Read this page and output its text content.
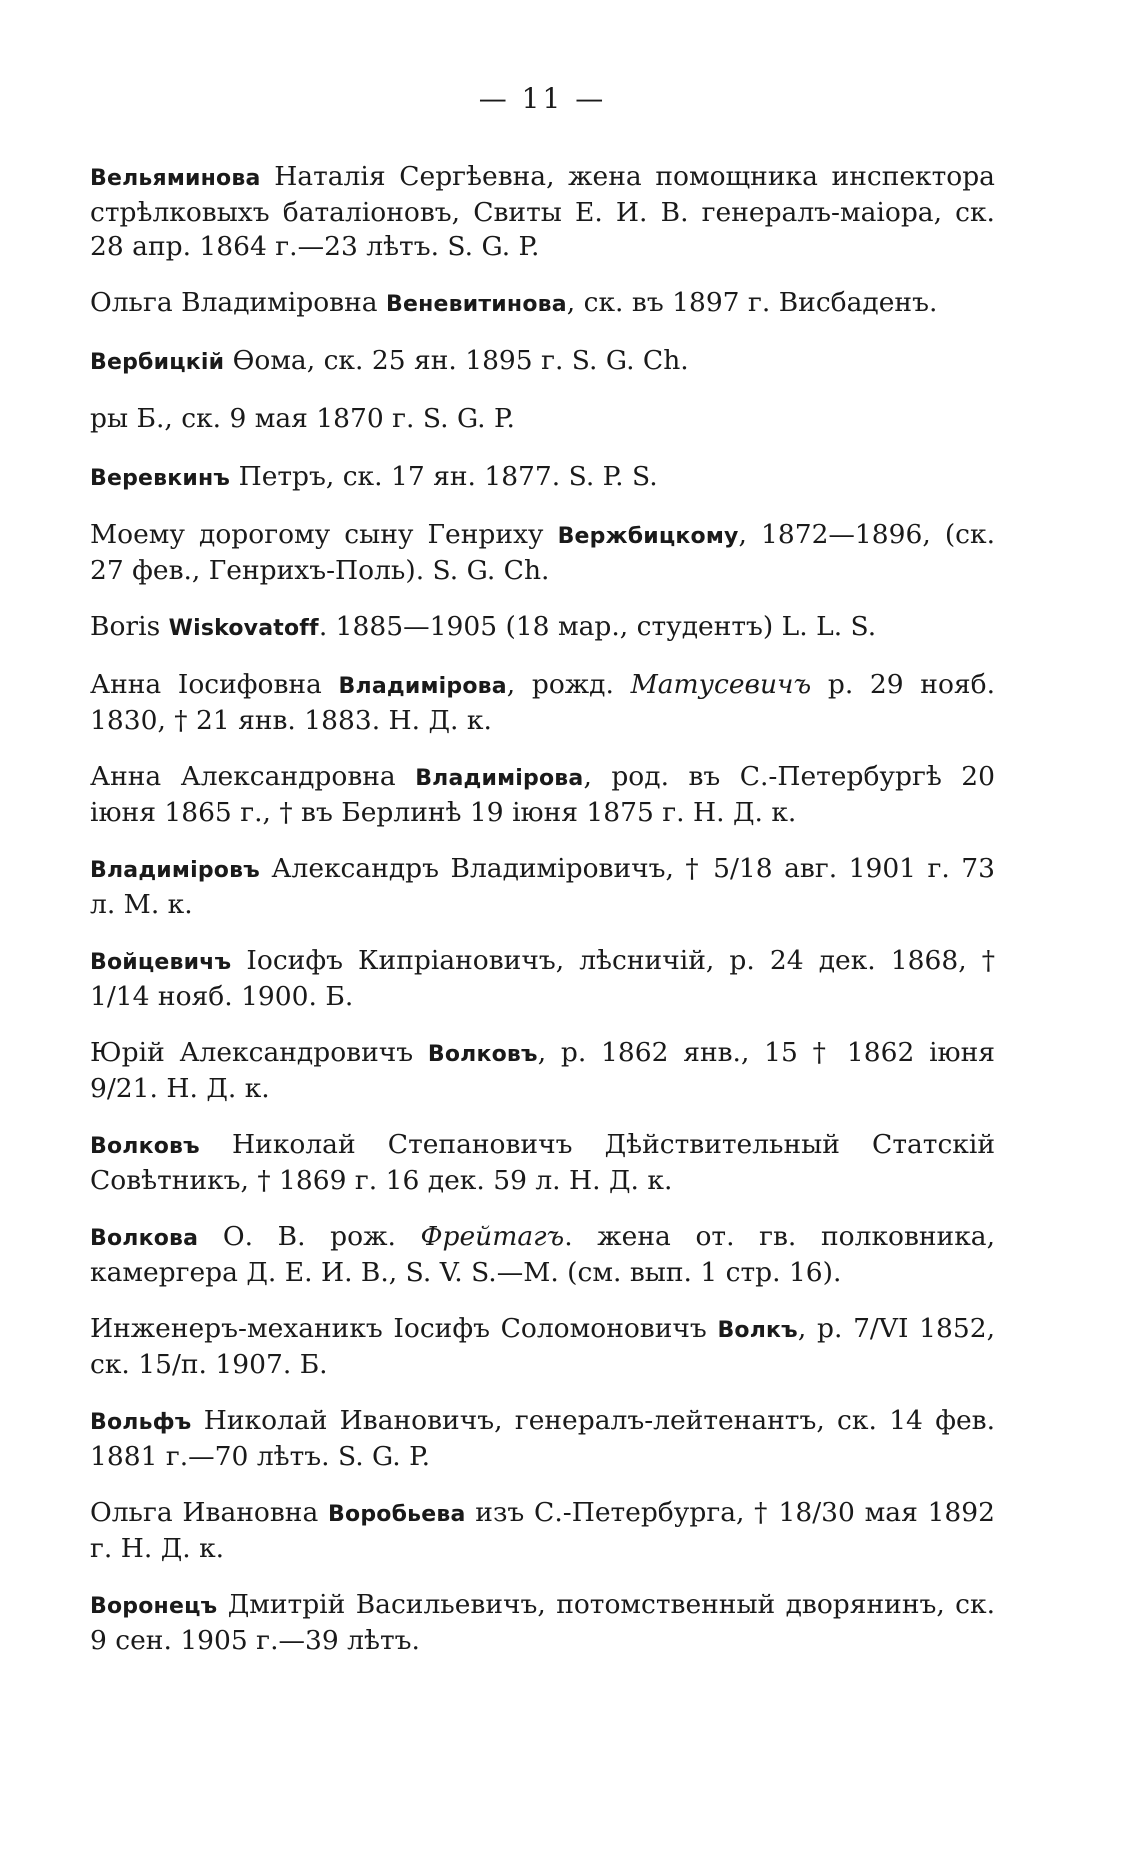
— 11 —

Вельяминова Наталія Сергѣевна, жена помощника инспектора стрѣлковыхъ баталіоновъ, Свиты Е. И. В. генералъ-маіора, ск. 28 апр. 1864 г.—23 лѣтъ. S. G. P.

Ольга Владиміровна Веневитинова, ск. въ 1897 г. Висбаденъ.

Вербицкій Ѳома, ск. 25 ян. 1895 г. S. G. Ch.

ры Б., ск. 9 мая 1870 г. S. G. P.

Веревкинъ Петръ, ск. 17 ян. 1877. S. P. S.

Моему дорогому сыну Генриху Вержбицкому, 1872—1896, (ск. 27 фев., Генрихъ-Поль). S. G. Ch.

Boris Wiskovatoff. 1885—1905 (18 мар., студентъ) L. L. S.

Анна Іосифовна Владимірова, рожд. Матусевичъ р. 29 нояб. 1830, † 21 янв. 1883. Н. Д. к.

Анна Александровна Владимірова, род. въ С.-Петербургѣ 20 іюня 1865 г., † въ Берлинѣ 19 іюня 1875 г. Н. Д. к.

Владиміровъ Александръ Владиміровичъ, † 5/18 авг. 1901 г. 73 л. М. к.

Войцевичъ Іосифъ Кипріановичъ, лѣсничій, р. 24 дек. 1868, † 1/14 нояб. 1900. Б.

Юрій Александровичъ Волковъ, р. 1862 янв., 15 † 1862 іюня 9/21. Н. Д. к.

Волковъ Николай Степановичъ Дѣйствительный Статскій Совѣтникъ, † 1869 г. 16 дек. 59 л. Н. Д. к.

Волкова О. В. рож. Фрейтагъ. жена от. гв. полковника, камергера Д. Е. И. В., S. V. S.—М. (см. вып. 1 стр. 16).

Инженеръ-механикъ Іосифъ Соломоновичъ Волкъ, р. 7/VI 1852, ск. 15/п. 1907. Б.

Вольфъ Николай Ивановичъ, генералъ-лейтенантъ, ск. 14 фев. 1881 г.—70 лѣтъ. S. G. P.

Ольга Ивановна Воробьева изъ С.-Петербурга, † 18/30 мая 1892 г. Н. Д. к.

Воронецъ Дмитрій Васильевичъ, потомственный дворянинъ, ск. 9 сен. 1905 г.—39 лѣтъ.
